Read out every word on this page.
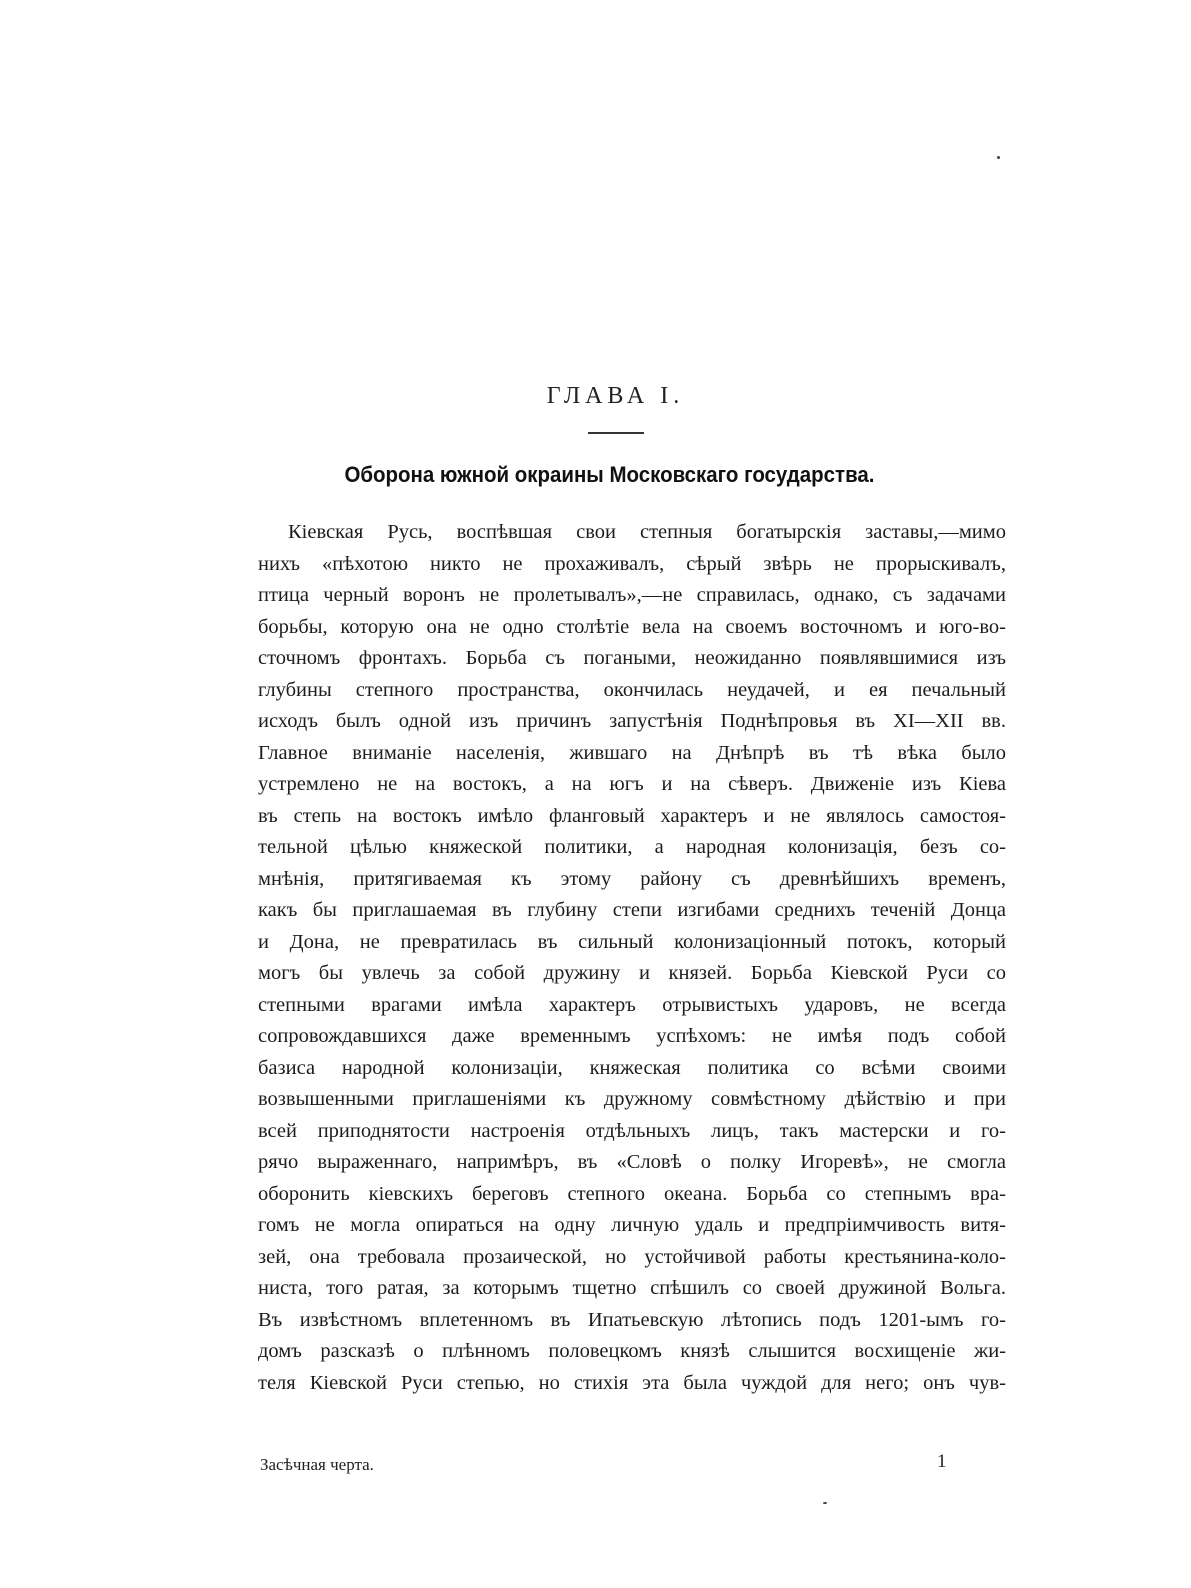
ГЛАВА I.
Оборона южной окраины Московскаго государства.
Кіевская Русь, воспѣвшая свои степныя богатырскія заставы,—мимо
нихъ «пѣхотою никто не прохаживалъ, сѣрый звѣрь не прорыскивалъ,
птица черный воронъ не пролетывалъ»,—не справилась, однако, съ задачами
борьбы, которую она не одно столѣтіе вела на своемъ восточномъ и юго-во-
сточномъ фронтахъ. Борьба съ погаными, неожиданно появлявшимися изъ
глубины степного пространства, окончилась неудачей, и ея печальный
исходъ былъ одной изъ причинъ запустѣнія Поднѣпровья въ XI—XII вв.
Главное вниманіе населенія, жившаго на Днѣпрѣ въ тѣ вѣка было
устремлено не на востокъ, а на югъ и на сѣверъ. Движеніе изъ Кіева
въ степь на востокъ имѣло фланговый характеръ и не являлось самостоя-
тельной цѣлью княжеской политики, а народная колонизація, безъ со-
мнѣнія, притягиваемая къ этому району съ древнѣйшихъ временъ,
какъ бы приглашаемая въ глубину степи изгибами среднихъ теченій Донца
и Дона, не превратилась въ сильный колонизаціонный потокъ, который
могъ бы увлечь за собой дружину и князей. Борьба Кіевской Руси со
степными врагами имѣла характеръ отрывистыхъ ударовъ, не всегда
сопровождавшихся даже временнымъ успѣхомъ: не имѣя подъ собой
базиса народной колонизаціи, княжеская политика со всѣми своими
возвышенными приглашеніями къ дружному совмѣстному дѣйствію и при
всей приподнятости настроенія отдѣльныхъ лицъ, такъ мастерски и го-
рячо выраженнаго, напримѣръ, въ «Словѣ о полку Игоревѣ», не смогла
оборонить кіевскихъ береговъ степного океана. Борьба со степнымъ вра-
гомъ не могла опираться на одну личную удаль и предпріимчивость витя-
зей, она требовала прозаической, но устойчивой работы крестьянина-коло-
ниста, того ратая, за которымъ тщетно спѣшилъ со своей дружиной Вольга.
Въ извѣстномъ вплетенномъ въ Ипатьевскую лѣтопись подъ 1201-ымъ го-
домъ разсказѣ о плѣнномъ половецкомъ князѣ слышится восхищеніе жи-
теля Кіевской Руси степью, но стихія эта была чуждой для него; онъ чув-
Засѣчная черта.	1
